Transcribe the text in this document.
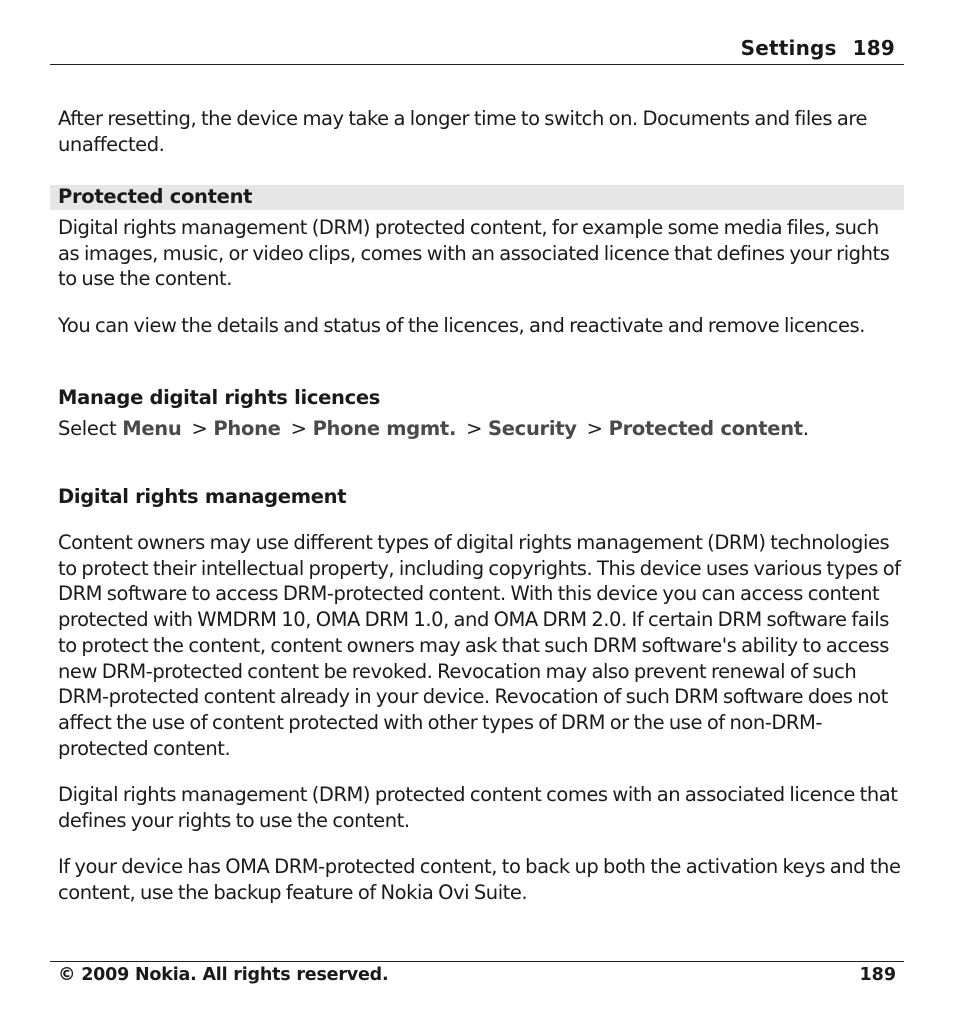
Settings 189
After resetting, the device may take a longer time to switch on. Documents and files are unaffected.
Protected content
Digital rights management (DRM) protected content, for example some media files, such as images, music, or video clips, comes with an associated licence that defines your rights to use the content.
You can view the details and status of the licences, and reactivate and remove licences.
Manage digital rights licences
Select Menu > Phone > Phone mgmt. > Security > Protected content.
Digital rights management
Content owners may use different types of digital rights management (DRM) technologies to protect their intellectual property, including copyrights. This device uses various types of DRM software to access DRM-protected content. With this device you can access content protected with WMDRM 10, OMA DRM 1.0, and OMA DRM 2.0. If certain DRM software fails to protect the content, content owners may ask that such DRM software's ability to access new DRM-protected content be revoked. Revocation may also prevent renewal of such DRM-protected content already in your device. Revocation of such DRM software does not affect the use of content protected with other types of DRM or the use of non-DRM-protected content.
Digital rights management (DRM) protected content comes with an associated licence that defines your rights to use the content.
If your device has OMA DRM-protected content, to back up both the activation keys and the content, use the backup feature of Nokia Ovi Suite.
© 2009 Nokia. All rights reserved.	189
